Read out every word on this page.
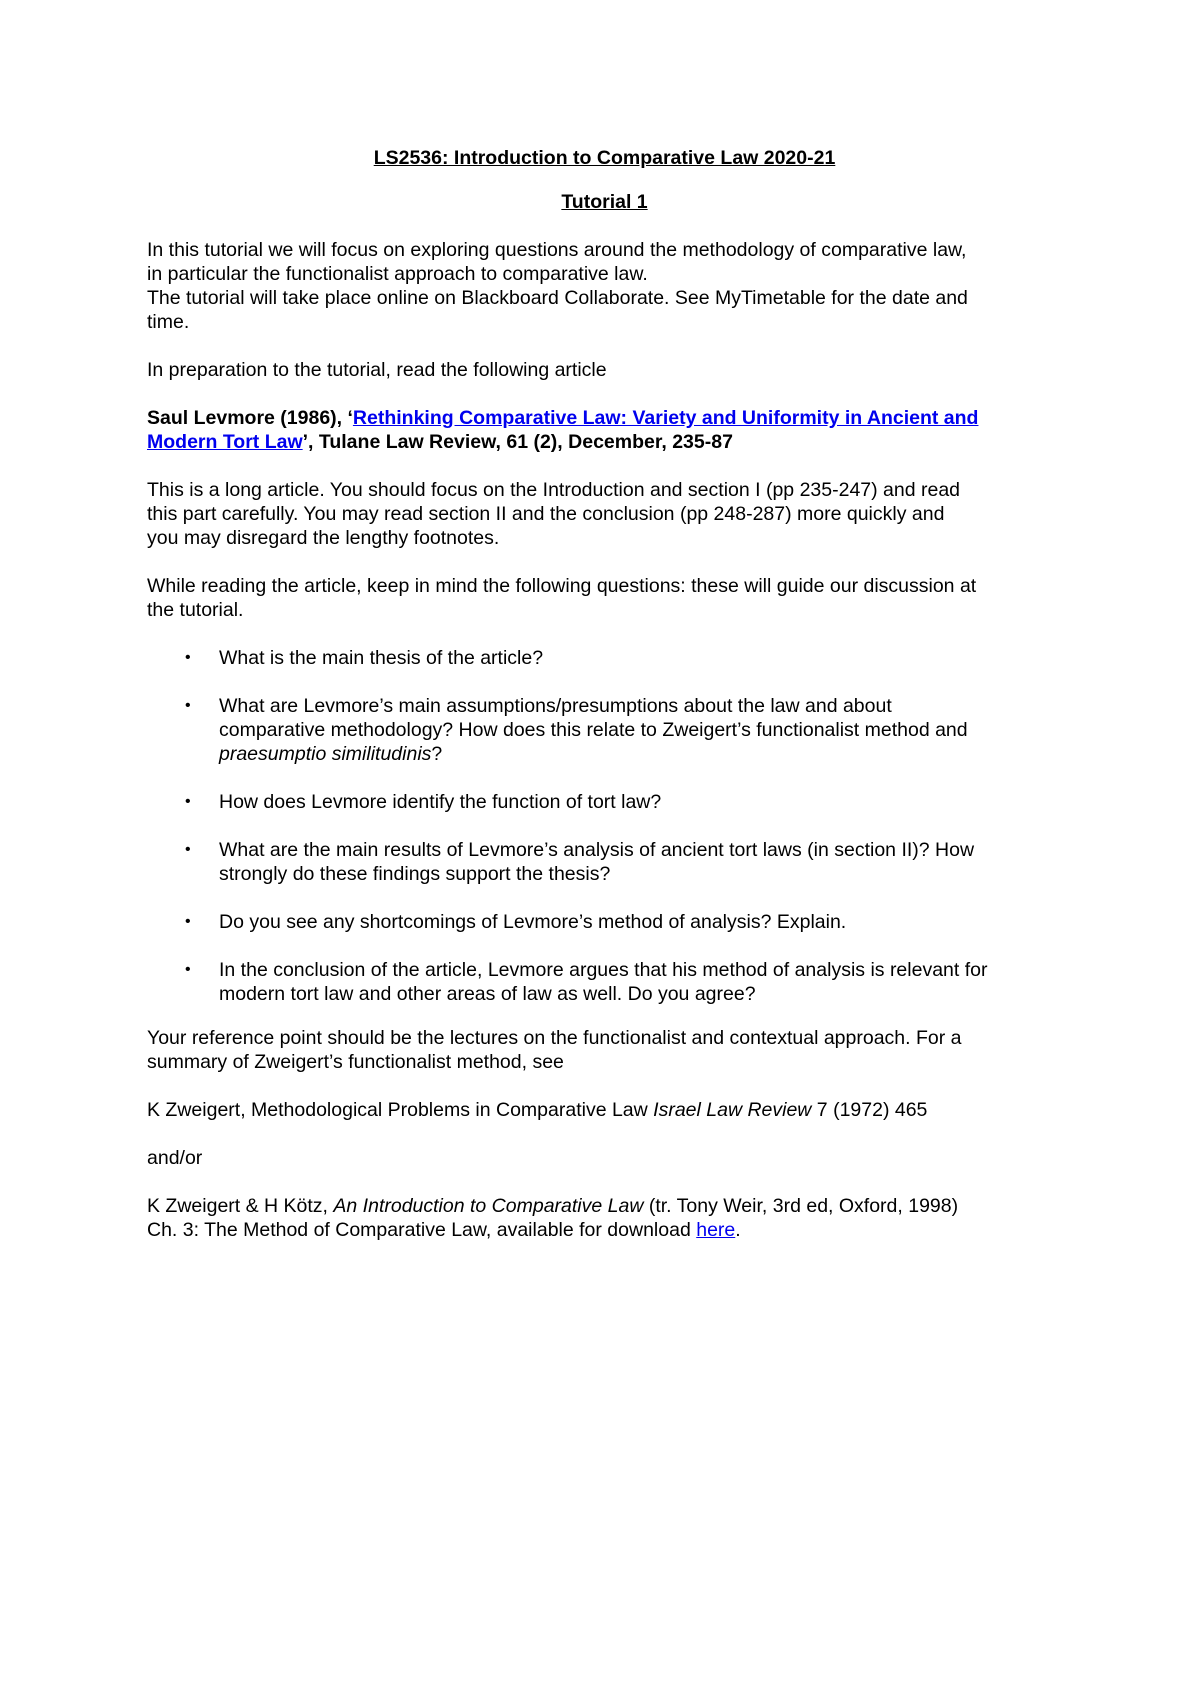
LS2536: Introduction to Comparative Law 2020-21

Tutorial 1

In this tutorial we will focus on exploring questions around the methodology of comparative law,
in particular the functionalist approach to comparative law.
The tutorial will take place online on Blackboard Collaborate. See MyTimetable for the date and
time.

In preparation to the tutorial, read the following article

Saul Levmore (1986), ‘Rethinking Comparative Law: Variety and Uniformity in Ancient and
Modern Tort Law’, Tulane Law Review, 61 (2), December, 235-87

This is a long article. You should focus on the Introduction and section I (pp 235-247) and read
this part carefully. You may read section II and the conclusion (pp 248-287) more quickly and
you may disregard the lengthy footnotes.

While reading the article, keep in mind the following questions: these will guide our discussion at
the tutorial.

• What is the main thesis of the article?
• What are Levmore’s main assumptions/presumptions about the law and about
comparative methodology? How does this relate to Zweigert’s functionalist method and
praesumptio similitudinis?
• How does Levmore identify the function of tort law?
• What are the main results of Levmore’s analysis of ancient tort laws (in section II)? How
strongly do these findings support the thesis?
• Do you see any shortcomings of Levmore’s method of analysis? Explain.
• In the conclusion of the article, Levmore argues that his method of analysis is relevant for
modern tort law and other areas of law as well. Do you agree?

Your reference point should be the lectures on the functionalist and contextual approach. For a
summary of Zweigert’s functionalist method, see

K Zweigert, Methodological Problems in Comparative Law Israel Law Review 7 (1972) 465

and/or

K Zweigert & H Kötz, An Introduction to Comparative Law (tr. Tony Weir, 3rd ed, Oxford, 1998)
Ch. 3: The Method of Comparative Law, available for download here.
